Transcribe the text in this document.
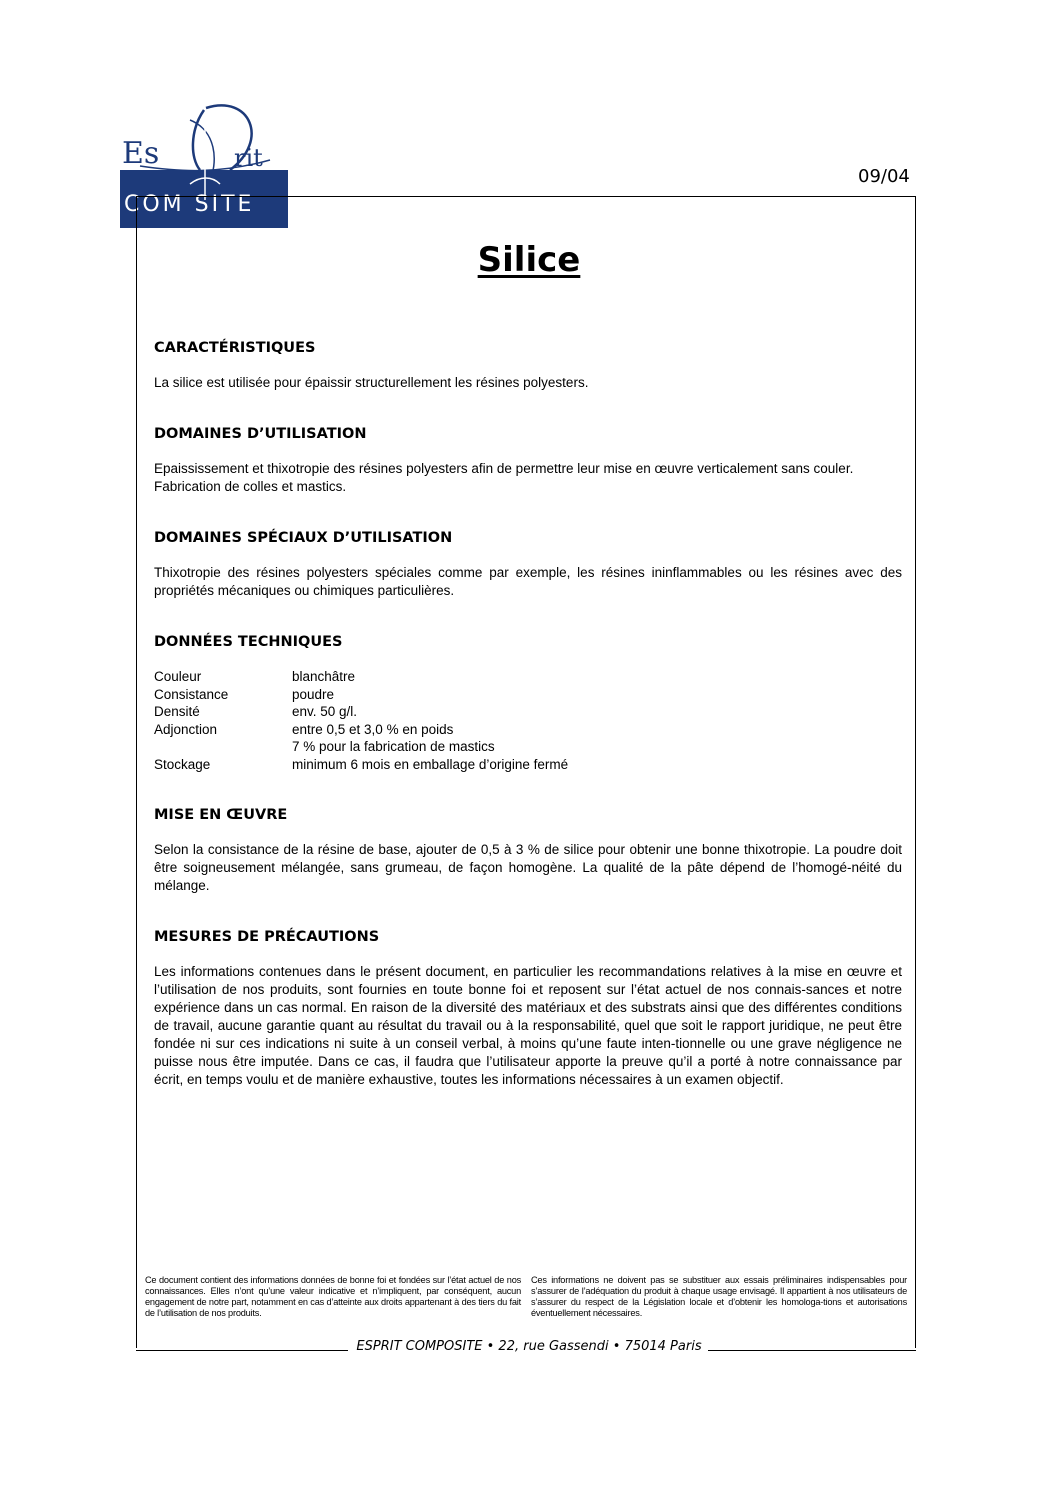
Es	rit
COM SITE
09/04
Silice
CARACTÉRISTIQUES

La silice est utilisée pour épaissir structurellement les résines polyesters.

DOMAINES D’UTILISATION

Epaississement et thixotropie des résines polyesters afin de permettre leur mise en œuvre verticalement sans couler.

Fabrication de colles et mastics.

DOMAINES SPÉCIAUX D’UTILISATION

Thixotropie des résines polyesters spéciales comme par exemple, les résines ininflammables ou les résines avec des propriétés mécaniques ou chimiques particulières.

DONNÉES TECHNIQUES
Couleur	blanchâtre
Consistance	poudre
Densité	env. 50 g/l.
Adjonction	entre 0,5 et 3,0 % en poids
	7 % pour la fabrication de mastics
Stockage	minimum 6 mois en emballage d’origine fermé
MISE EN ŒUVRE

Selon la consistance de la résine de base, ajouter de 0,5 à 3 % de silice pour obtenir une bonne thixotropie. La poudre doit être soigneusement mélangée, sans grumeau, de façon homogène. La qualité de la pâte dépend de l’homogé-néité du mélange.

MESURES DE PRÉCAUTIONS

Les informations contenues dans le présent document, en particulier les recommandations relatives à la mise en œuvre et l’utilisation de nos produits, sont fournies en toute bonne foi et reposent sur l’état actuel de nos connais-sances et notre expérience dans un cas normal. En raison de la diversité des matériaux et des substrats ainsi que des différentes conditions de travail, aucune garantie quant au résultat du travail ou à la responsabilité, quel que soit le rapport juridique, ne peut être fondée ni sur ces indications ni suite à un conseil verbal, à moins qu’une faute inten-tionnelle ou une grave négligence ne puisse nous être imputée. Dans ce cas, il faudra que l’utilisateur apporte la preuve qu’il a porté à notre connaissance par écrit, en temps voulu et de manière exhaustive, toutes les informations nécessaires à un examen objectif.

Ce document contient des informations données de bonne foi et fondées sur l’état actuel de nos connaissances. Elles n’ont qu’une valeur indicative et n’impliquent, par conséquent, aucun engagement de notre part, notamment en cas d’atteinte aux droits appartenant à des tiers du fait de l’utilisation de nos produits.

Ces informations ne doivent pas se substituer aux essais préliminaires indispensables pour s’assurer de l’adéquation du produit à chaque usage envisagé. Il appartient à nos utilisateurs de s’assurer du respect de la Législation locale et d’obtenir les homologa-tions et autorisations éventuellement nécessaires.

ESPRIT COMPOSITE • 22, rue Gassendi • 75014 Paris
